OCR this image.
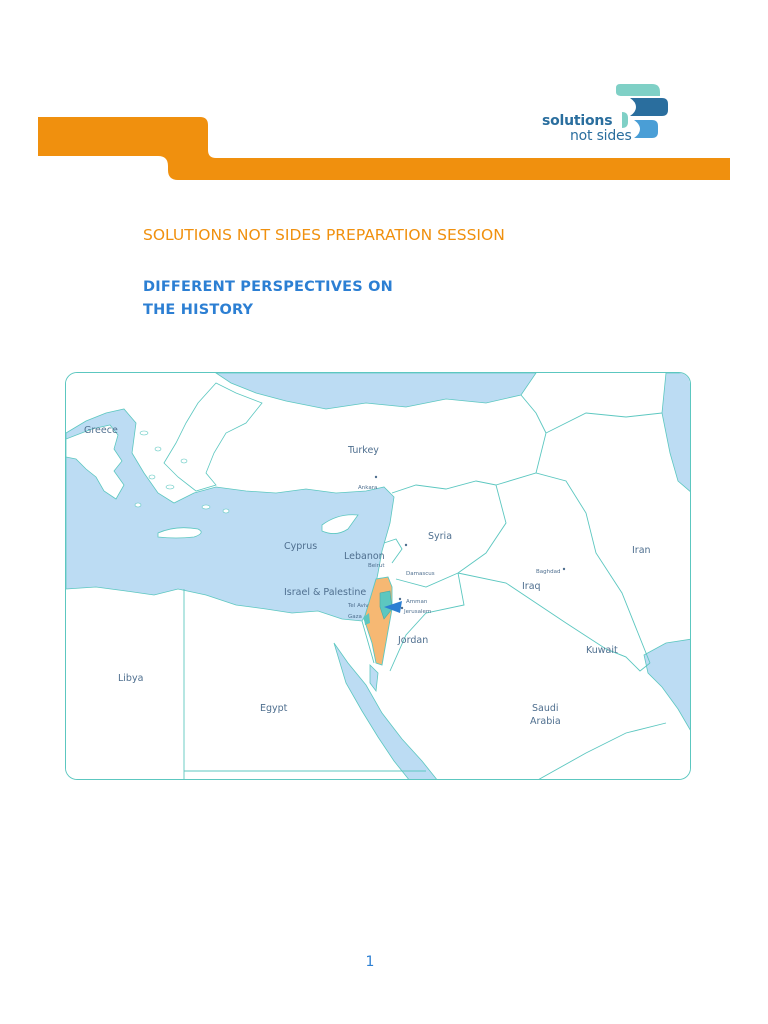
solutions
not sides
SOLUTIONS NOT SIDES PREPARATION SESSION
DIFFERENT PERSPECTIVES ON
THE HISTORY
Greece
Turkey
Syria
Cyprus
Lebanon
Iran
Iraq
Israel & Palestine
Jordan
Kuwait
Libya
Egypt	Saudi
Arabia
Ankara
Beirut
Damascus	Baghdad
Amman
Jerusalem
Tel Aviv
Gaza
1
